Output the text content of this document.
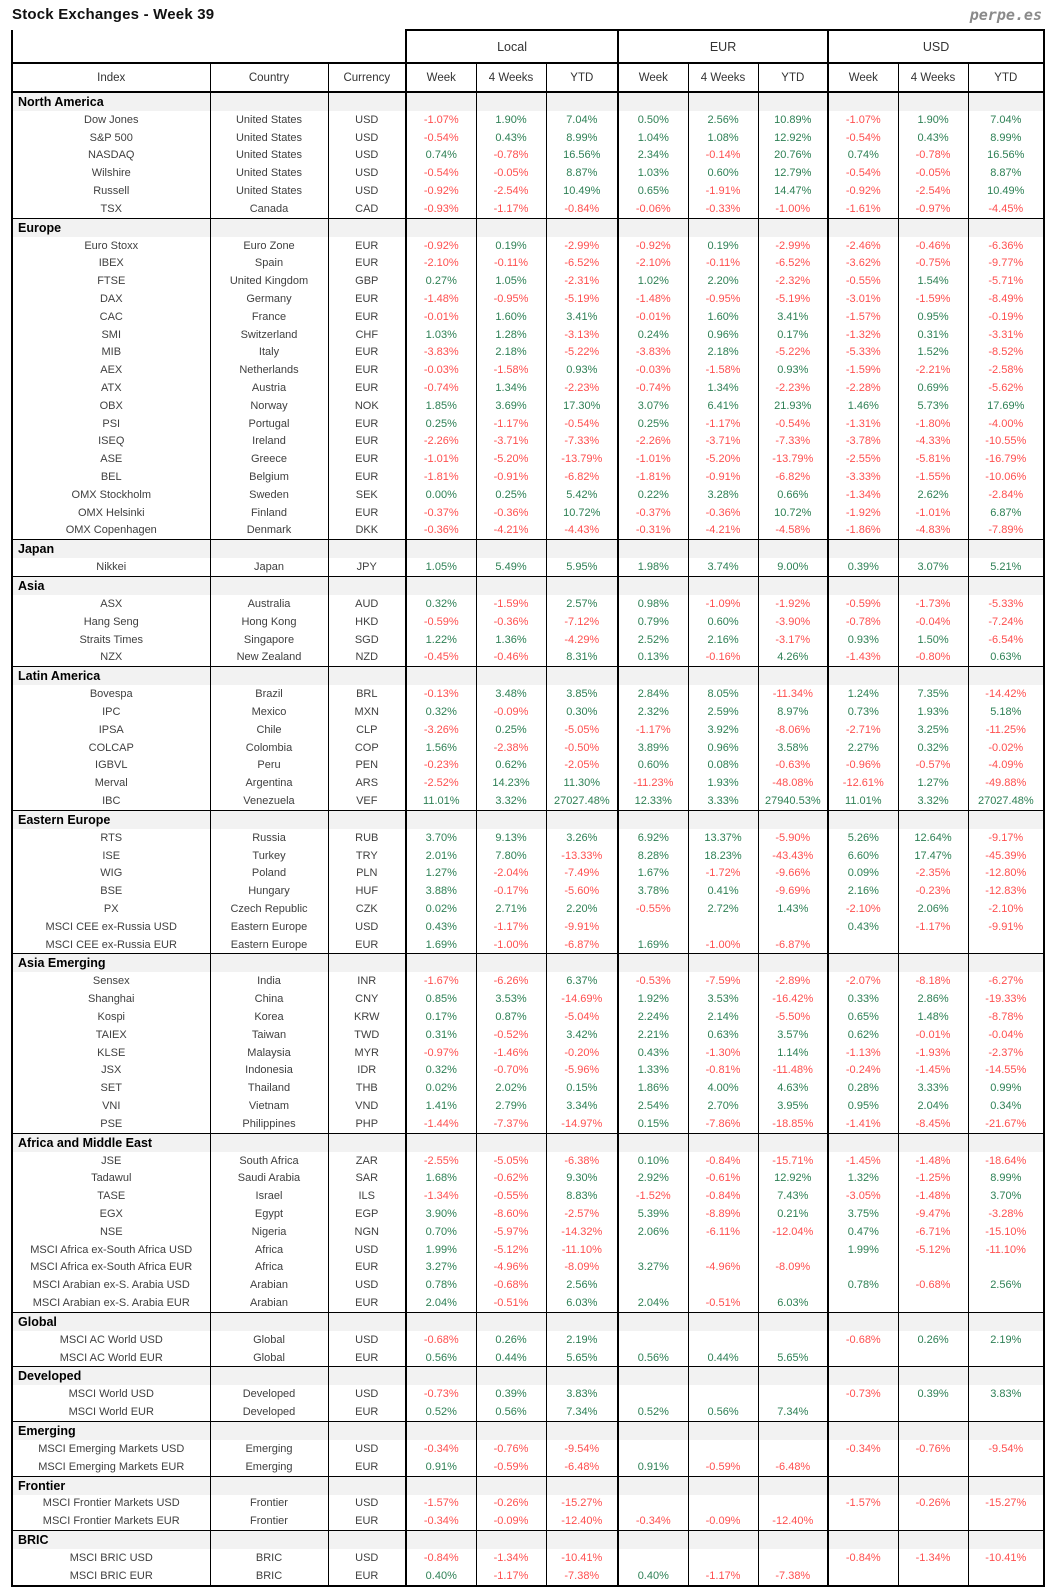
Stock Exchanges - Week 39	perpe.es
			Local			EUR			USD		
Index	Country	Currency	Week	4 Weeks	YTD	Week	4 Weeks	YTD	Week	4 Weeks	YTD
North America											
Dow Jones	United States	USD	-1.07%	1.90%	7.04%	0.50%	2.56%	10.89%	-1.07%	1.90%	7.04%
S&P 500	United States	USD	-0.54%	0.43%	8.99%	1.04%	1.08%	12.92%	-0.54%	0.43%	8.99%
NASDAQ	United States	USD	0.74%	-0.78%	16.56%	2.34%	-0.14%	20.76%	0.74%	-0.78%	16.56%
Wilshire	United States	USD	-0.54%	-0.05%	8.87%	1.03%	0.60%	12.79%	-0.54%	-0.05%	8.87%
Russell	United States	USD	-0.92%	-2.54%	10.49%	0.65%	-1.91%	14.47%	-0.92%	-2.54%	10.49%
TSX	Canada	CAD	-0.93%	-1.17%	-0.84%	-0.06%	-0.33%	-1.00%	-1.61%	-0.97%	-4.45%
Europe											
Euro Stoxx	Euro Zone	EUR	-0.92%	0.19%	-2.99%	-0.92%	0.19%	-2.99%	-2.46%	-0.46%	-6.36%
IBEX	Spain	EUR	-2.10%	-0.11%	-6.52%	-2.10%	-0.11%	-6.52%	-3.62%	-0.75%	-9.77%
FTSE	United Kingdom	GBP	0.27%	1.05%	-2.31%	1.02%	2.20%	-2.32%	-0.55%	1.54%	-5.71%
DAX	Germany	EUR	-1.48%	-0.95%	-5.19%	-1.48%	-0.95%	-5.19%	-3.01%	-1.59%	-8.49%
CAC	France	EUR	-0.01%	1.60%	3.41%	-0.01%	1.60%	3.41%	-1.57%	0.95%	-0.19%
SMI	Switzerland	CHF	1.03%	1.28%	-3.13%	0.24%	0.96%	0.17%	-1.32%	0.31%	-3.31%
MIB	Italy	EUR	-3.83%	2.18%	-5.22%	-3.83%	2.18%	-5.22%	-5.33%	1.52%	-8.52%
AEX	Netherlands	EUR	-0.03%	-1.58%	0.93%	-0.03%	-1.58%	0.93%	-1.59%	-2.21%	-2.58%
ATX	Austria	EUR	-0.74%	1.34%	-2.23%	-0.74%	1.34%	-2.23%	-2.28%	0.69%	-5.62%
OBX	Norway	NOK	1.85%	3.69%	17.30%	3.07%	6.41%	21.93%	1.46%	5.73%	17.69%
PSI	Portugal	EUR	0.25%	-1.17%	-0.54%	0.25%	-1.17%	-0.54%	-1.31%	-1.80%	-4.00%
ISEQ	Ireland	EUR	-2.26%	-3.71%	-7.33%	-2.26%	-3.71%	-7.33%	-3.78%	-4.33%	-10.55%
ASE	Greece	EUR	-1.01%	-5.20%	-13.79%	-1.01%	-5.20%	-13.79%	-2.55%	-5.81%	-16.79%
BEL	Belgium	EUR	-1.81%	-0.91%	-6.82%	-1.81%	-0.91%	-6.82%	-3.33%	-1.55%	-10.06%
OMX Stockholm	Sweden	SEK	0.00%	0.25%	5.42%	0.22%	3.28%	0.66%	-1.34%	2.62%	-2.84%
OMX Helsinki	Finland	EUR	-0.37%	-0.36%	10.72%	-0.37%	-0.36%	10.72%	-1.92%	-1.01%	6.87%
OMX Copenhagen	Denmark	DKK	-0.36%	-4.21%	-4.43%	-0.31%	-4.21%	-4.58%	-1.86%	-4.83%	-7.89%
Japan											
Nikkei	Japan	JPY	1.05%	5.49%	5.95%	1.98%	3.74%	9.00%	0.39%	3.07%	5.21%
Asia											
ASX	Australia	AUD	0.32%	-1.59%	2.57%	0.98%	-1.09%	-1.92%	-0.59%	-1.73%	-5.33%
Hang Seng	Hong Kong	HKD	-0.59%	-0.36%	-7.12%	0.79%	0.60%	-3.90%	-0.78%	-0.04%	-7.24%
Straits Times	Singapore	SGD	1.22%	1.36%	-4.29%	2.52%	2.16%	-3.17%	0.93%	1.50%	-6.54%
NZX	New Zealand	NZD	-0.45%	-0.46%	8.31%	0.13%	-0.16%	4.26%	-1.43%	-0.80%	0.63%
Latin America											
Bovespa	Brazil	BRL	-0.13%	3.48%	3.85%	2.84%	8.05%	-11.34%	1.24%	7.35%	-14.42%
IPC	Mexico	MXN	0.32%	-0.09%	0.30%	2.32%	2.59%	8.97%	0.73%	1.93%	5.18%
IPSA	Chile	CLP	-3.26%	0.25%	-5.05%	-1.17%	3.92%	-8.06%	-2.71%	3.25%	-11.25%
COLCAP	Colombia	COP	1.56%	-2.38%	-0.50%	3.89%	0.96%	3.58%	2.27%	0.32%	-0.02%
IGBVL	Peru	PEN	-0.23%	0.62%	-2.05%	0.60%	0.08%	-0.63%	-0.96%	-0.57%	-4.09%
Merval	Argentina	ARS	-2.52%	14.23%	11.30%	-11.23%	1.93%	-48.08%	-12.61%	1.27%	-49.88%
IBC	Venezuela	VEF	11.01%	3.32%	27027.48%	12.33%	3.33%	27940.53%	11.01%	3.32%	27027.48%
Eastern Europe											
RTS	Russia	RUB	3.70%	9.13%	3.26%	6.92%	13.37%	-5.90%	5.26%	12.64%	-9.17%
ISE	Turkey	TRY	2.01%	7.80%	-13.33%	8.28%	18.23%	-43.43%	6.60%	17.47%	-45.39%
WIG	Poland	PLN	1.27%	-2.04%	-7.49%	1.67%	-1.72%	-9.66%	0.09%	-2.35%	-12.80%
BSE	Hungary	HUF	3.88%	-0.17%	-5.60%	3.78%	0.41%	-9.69%	2.16%	-0.23%	-12.83%
PX	Czech Republic	CZK	0.02%	2.71%	2.20%	-0.55%	2.72%	1.43%	-2.10%	2.06%	-2.10%
MSCI CEE ex-Russia USD	Eastern Europe	USD	0.43%	-1.17%	-9.91%				0.43%	-1.17%	-9.91%
MSCI CEE ex-Russia EUR	Eastern Europe	EUR	1.69%	-1.00%	-6.87%	1.69%	-1.00%	-6.87%			
Asia Emerging											
Sensex	India	INR	-1.67%	-6.26%	6.37%	-0.53%	-7.59%	-2.89%	-2.07%	-8.18%	-6.27%
Shanghai	China	CNY	0.85%	3.53%	-14.69%	1.92%	3.53%	-16.42%	0.33%	2.86%	-19.33%
Kospi	Korea	KRW	0.17%	0.87%	-5.04%	2.24%	2.14%	-5.50%	0.65%	1.48%	-8.78%
TAIEX	Taiwan	TWD	0.31%	-0.52%	3.42%	2.21%	0.63%	3.57%	0.62%	-0.01%	-0.04%
KLSE	Malaysia	MYR	-0.97%	-1.46%	-0.20%	0.43%	-1.30%	1.14%	-1.13%	-1.93%	-2.37%
JSX	Indonesia	IDR	0.32%	-0.70%	-5.96%	1.33%	-0.81%	-11.48%	-0.24%	-1.45%	-14.55%
SET	Thailand	THB	0.02%	2.02%	0.15%	1.86%	4.00%	4.63%	0.28%	3.33%	0.99%
VNI	Vietnam	VND	1.41%	2.79%	3.34%	2.54%	2.70%	3.95%	0.95%	2.04%	0.34%
PSE	Philippines	PHP	-1.44%	-7.37%	-14.97%	0.15%	-7.86%	-18.85%	-1.41%	-8.45%	-21.67%
Africa and Middle East											
JSE	South Africa	ZAR	-2.55%	-5.05%	-6.38%	0.10%	-0.84%	-15.71%	-1.45%	-1.48%	-18.64%
Tadawul	Saudi Arabia	SAR	1.68%	-0.62%	9.30%	2.92%	-0.61%	12.92%	1.32%	-1.25%	8.99%
TASE	Israel	ILS	-1.34%	-0.55%	8.83%	-1.52%	-0.84%	7.43%	-3.05%	-1.48%	3.70%
EGX	Egypt	EGP	3.90%	-8.60%	-2.57%	5.39%	-8.89%	0.21%	3.75%	-9.47%	-3.28%
NSE	Nigeria	NGN	0.70%	-5.97%	-14.32%	2.06%	-6.11%	-12.04%	0.47%	-6.71%	-15.10%
MSCI Africa ex-South Africa USD	Africa	USD	1.99%	-5.12%	-11.10%				1.99%	-5.12%	-11.10%
MSCI Africa ex-South Africa EUR	Africa	EUR	3.27%	-4.96%	-8.09%	3.27%	-4.96%	-8.09%			
MSCI Arabian ex-S. Arabia USD	Arabian	USD	0.78%	-0.68%	2.56%				0.78%	-0.68%	2.56%
MSCI Arabian ex-S. Arabia EUR	Arabian	EUR	2.04%	-0.51%	6.03%	2.04%	-0.51%	6.03%			
Global											
MSCI AC World USD	Global	USD	-0.68%	0.26%	2.19%				-0.68%	0.26%	2.19%
MSCI AC World EUR	Global	EUR	0.56%	0.44%	5.65%	0.56%	0.44%	5.65%			
Developed											
MSCI World USD	Developed	USD	-0.73%	0.39%	3.83%				-0.73%	0.39%	3.83%
MSCI World EUR	Developed	EUR	0.52%	0.56%	7.34%	0.52%	0.56%	7.34%			
Emerging											
MSCI Emerging Markets USD	Emerging	USD	-0.34%	-0.76%	-9.54%				-0.34%	-0.76%	-9.54%
MSCI Emerging Markets EUR	Emerging	EUR	0.91%	-0.59%	-6.48%	0.91%	-0.59%	-6.48%			
Frontier											
MSCI Frontier Markets USD	Frontier	USD	-1.57%	-0.26%	-15.27%				-1.57%	-0.26%	-15.27%
MSCI Frontier Markets EUR	Frontier	EUR	-0.34%	-0.09%	-12.40%	-0.34%	-0.09%	-12.40%			
BRIC											
MSCI BRIC USD	BRIC	USD	-0.84%	-1.34%	-10.41%				-0.84%	-1.34%	-10.41%
MSCI BRIC EUR	BRIC	EUR	0.40%	-1.17%	-7.38%	0.40%	-1.17%	-7.38%			
